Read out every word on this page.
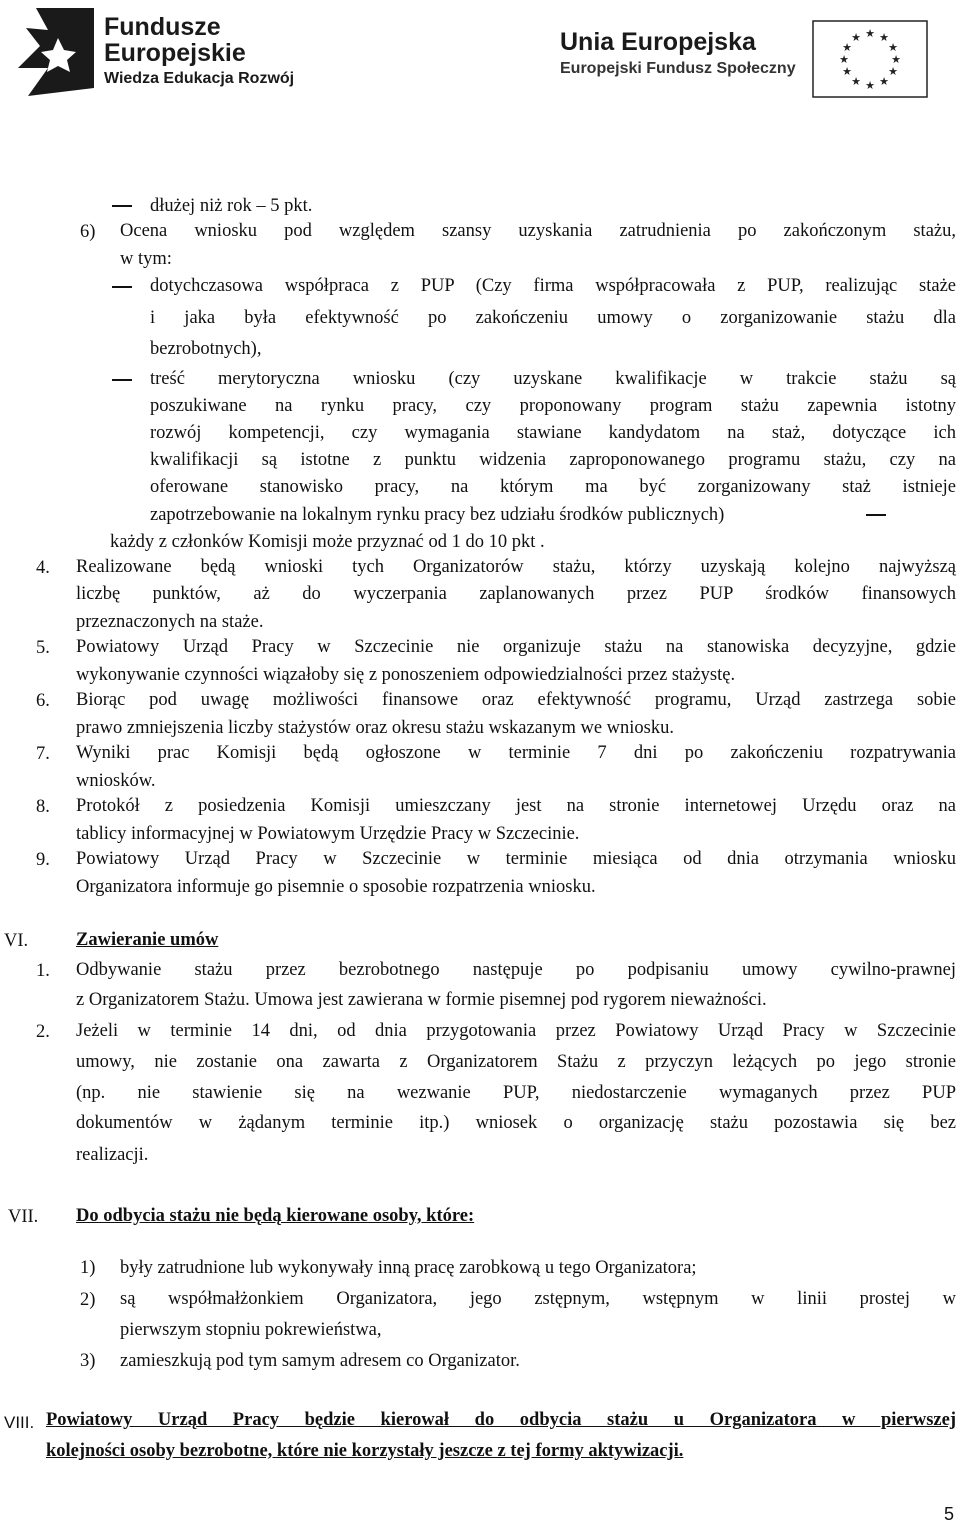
Fundusze
Europejskie
Wiedza Edukacja Rozwój
Unia Europejska
Europejski Fundusz Społeczny
★ ★
★
★
★
★
★
★
★
★
★
★
dłużej niż rok – 5 pkt.
6) Ocena wniosku pod względem szansy uzyskania zatrudnienia po zakończonym stażu,
w tym:
dotychczasowa współpraca z PUP (Czy firma współpracowała z PUP, realizując staże
i jaka była efektywność po zakończeniu umowy o zorganizowanie stażu dla
bezrobotnych),
treść merytoryczna wniosku (czy uzyskane kwalifikacje w trakcie stażu są
poszukiwane na rynku pracy, czy proponowany program stażu zapewnia istotny
rozwój kompetencji, czy wymagania stawiane kandydatom na staż, dotyczące ich
kwalifikacji są istotne z punktu widzenia zaproponowanego programu stażu, czy na
oferowane stanowisko pracy, na którym ma być zorganizowany staż istnieje
zapotrzebowanie na lokalnym rynku pracy bez udziału środków publicznych)
każdy z członków Komisji może przyznać od 1 do 10 pkt .
4. Realizowane będą wnioski tych Organizatorów stażu, którzy uzyskają kolejno najwyższą
liczbę punktów, aż do wyczerpania zaplanowanych przez PUP środków finansowych
przeznaczonych na staże.
5. Powiatowy Urząd Pracy w Szczecinie nie organizuje stażu na stanowiska decyzyjne, gdzie
wykonywanie czynności wiązałoby się z ponoszeniem odpowiedzialności przez stażystę.
6. Biorąc pod uwagę możliwości finansowe oraz efektywność programu, Urząd zastrzega sobie
prawo zmniejszenia liczby stażystów oraz okresu stażu wskazanym we wniosku.
7. Wyniki prac Komisji będą ogłoszone w terminie 7 dni po zakończeniu rozpatrywania
wniosków.
8. Protokół z posiedzenia Komisji umieszczany jest na stronie internetowej Urzędu oraz na
tablicy informacyjnej w Powiatowym Urzędzie Pracy w Szczecinie.
9. Powiatowy Urząd Pracy w Szczecinie w terminie miesiąca od dnia otrzymania wniosku
Organizatora informuje go pisemnie o sposobie rozpatrzenia wniosku.
VI.	Zawieranie umów
1. Odbywanie stażu przez bezrobotnego następuje po podpisaniu umowy cywilno-prawnej
z Organizatorem Stażu. Umowa jest zawierana w formie pisemnej pod rygorem nieważności.
2. Jeżeli w terminie 14 dni, od dnia przygotowania przez Powiatowy Urząd Pracy w Szczecinie
umowy, nie zostanie ona zawarta z Organizatorem Stażu z przyczyn leżących po jego stronie
(np. nie stawienie się na wezwanie PUP, niedostarczenie wymaganych przez PUP
dokumentów w żądanym terminie itp.) wniosek o organizację stażu pozostawia się bez
realizacji.
VII. Do odbycia stażu nie będą kierowane osoby, które:
1) były zatrudnione lub wykonywały inną pracę zarobkową u tego Organizatora;
2) są współmałżonkiem Organizatora, jego zstępnym, wstępnym w linii prostej w
pierwszym stopniu pokrewieństwa,
3) zamieszkują pod tym samym adresem co Organizator.
VIII. Powiatowy Urząd Pracy będzie kierował do odbycia stażu u Organizatora w pierwszej
kolejności osoby bezrobotne, które nie korzystały jeszcze z tej formy aktywizacji.
5
